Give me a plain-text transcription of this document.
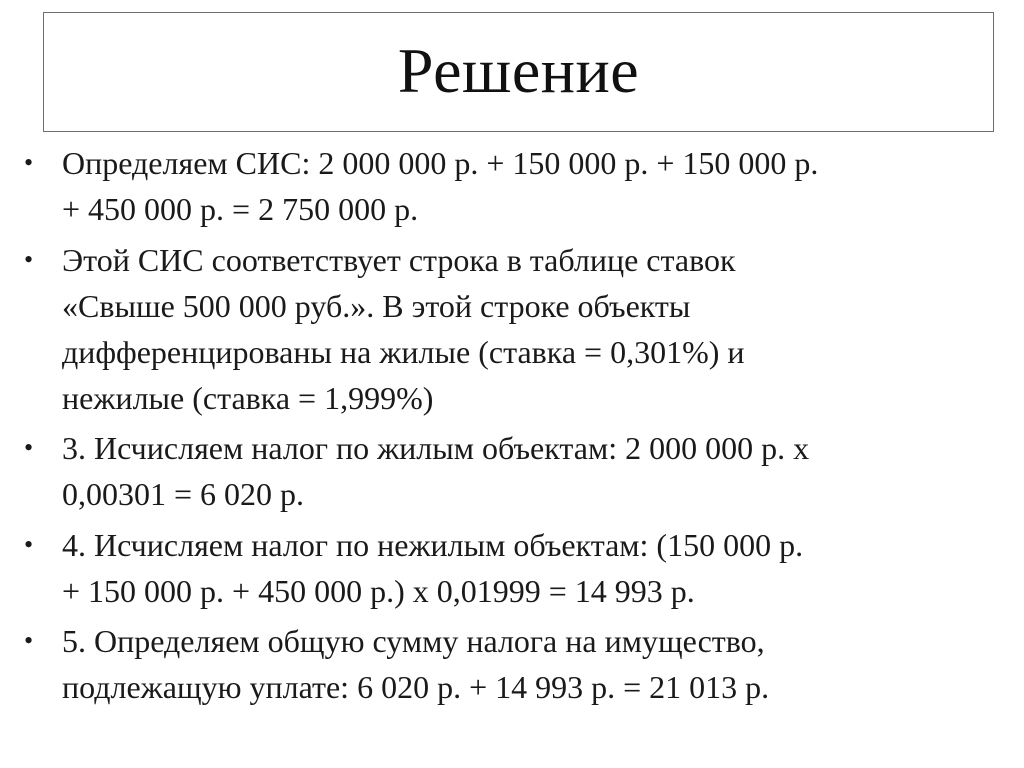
Решение
• Определяем СИС: 2 000 000 р. + 150 000 р. + 150 000 р.
+ 450 000 р. = 2 750 000 р.
• Этой СИС соответствует строка в таблице ставок
«Свыше 500 000 руб.». В этой строке объекты
дифференцированы на жилые (ставка = 0,301%) и
нежилые (ставка = 1,999%)
• 3. Исчисляем налог по жилым объектам: 2 000 000 р. х
0,00301 = 6 020 р.
• 4. Исчисляем налог по нежилым объектам: (150 000 р.
+ 150 000 р. + 450 000 р.) х 0,01999 = 14 993 р.
• 5. Определяем общую сумму налога на имущество,
подлежащую уплате: 6 020 р. + 14 993 р. = 21 013 р.
